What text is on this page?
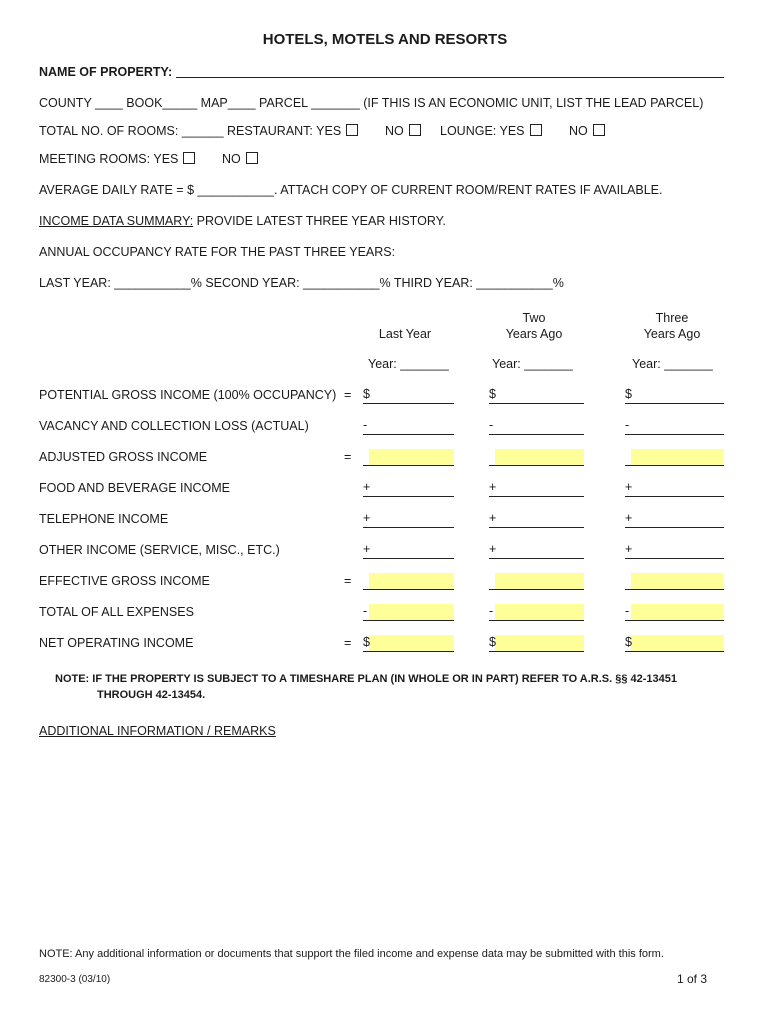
HOTELS, MOTELS AND RESORTS
NAME OF PROPERTY:
COUNTY ____ BOOK_____ MAP____ PARCEL _______ (IF THIS IS AN ECONOMIC UNIT, LIST THE LEAD PARCEL)
TOTAL NO. OF ROOMS: ______ RESTAURANT: YES	NO	LOUNGE: YES	NO
MEETING ROOMS: YES	NO
AVERAGE DAILY RATE = $ ___________. ATTACH COPY OF CURRENT ROOM/RENT RATES IF AVAILABLE.
INCOME DATA SUMMARY: PROVIDE LATEST THREE YEAR HISTORY.
ANNUAL OCCUPANCY RATE FOR THE PAST THREE YEARS:
LAST YEAR: ___________% SECOND YEAR: ___________% THIRD YEAR: ___________%

Last Year
Two
Years Ago
Three
Years Ago
Year: _______	Year: _______	Year: _______
POTENTIAL GROSS INCOME (100% OCCUPANCY) = $	$	$
VACANCY AND COLLECTION LOSS (ACTUAL)	-	-	-
ADJUSTED GROSS INCOME	=
FOOD AND BEVERAGE INCOME	+	+	+
TELEPHONE INCOME	+	+	+
OTHER INCOME (SERVICE, MISC., ETC.)	+	+	+
EFFECTIVE GROSS INCOME	=
TOTAL OF ALL EXPENSES	-	-	-
NET OPERATING INCOME	= $	$	$
NOTE: IF THE PROPERTY IS SUBJECT TO A TIMESHARE PLAN (IN WHOLE OR IN PART) REFER TO A.R.S. §§ 42-13451
THROUGH 42-13454.
ADDITIONAL INFORMATION / REMARKS
NOTE: Any additional information or documents that support the filed income and expense data may be submitted with this form.
82300-3 (03/10)	1 of 3
